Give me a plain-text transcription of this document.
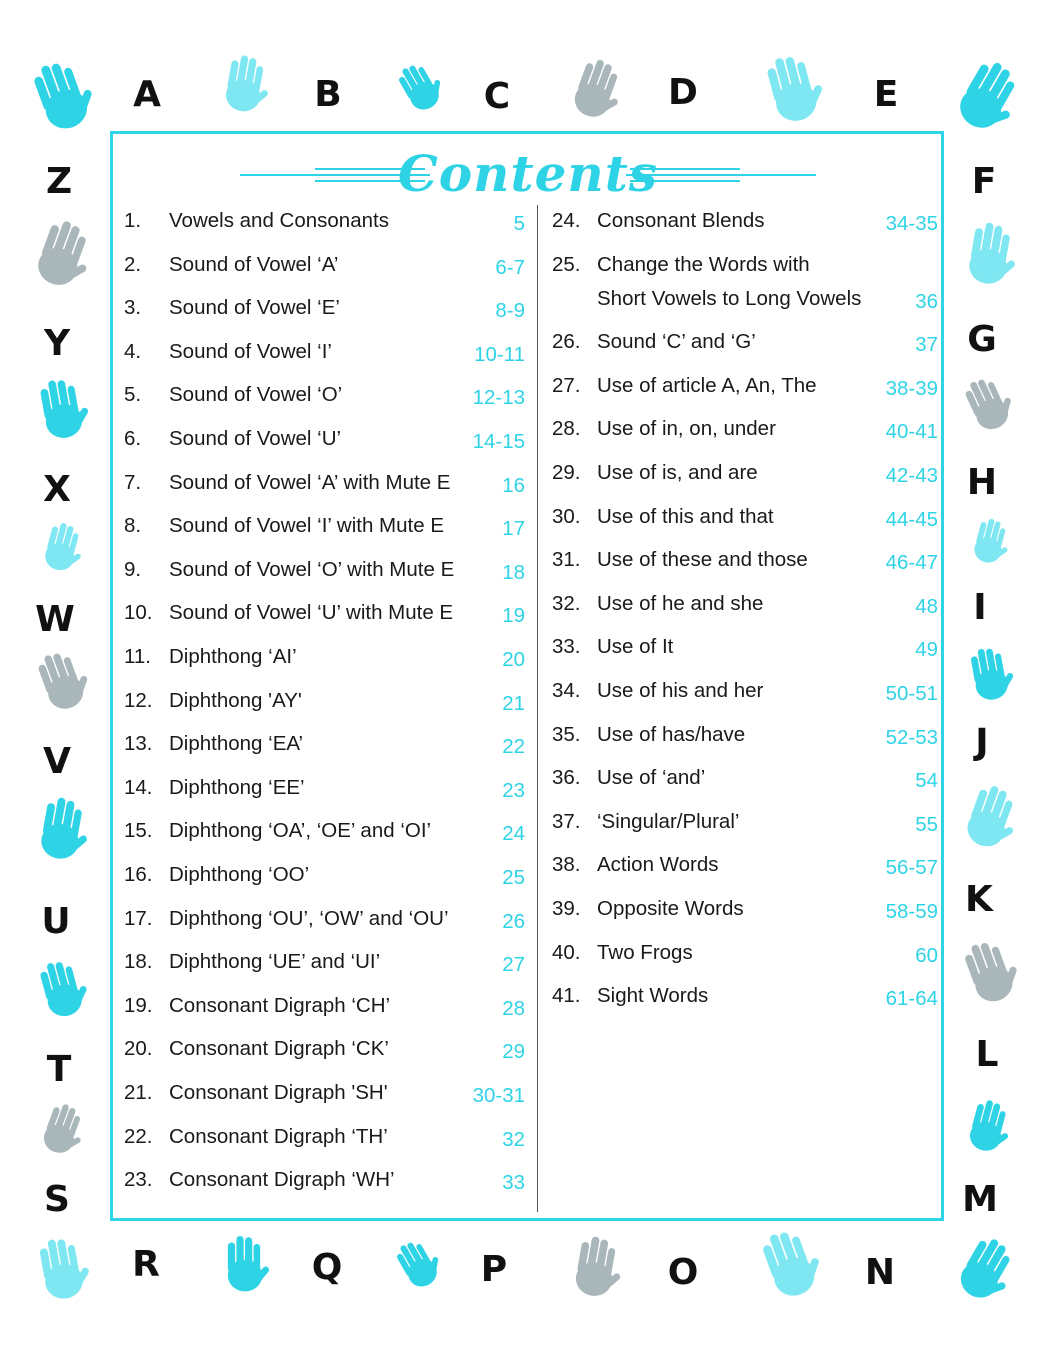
Contents
A	B	C	D	E
F
G
H
I
J
K
L
M
N
O
P
Q
R
S
T
U
V
W
X
Y
Z
1. Vowels and Consonants	5
2. Sound of Vowel ‘A’	6-7
3. Sound of Vowel ‘E’	8-9
4. Sound of Vowel ‘I’	10-11
5. Sound of Vowel ‘O’	12-13
6. Sound of Vowel ‘U’	14-15
7. Sound of Vowel ‘A’ with Mute E	16
8. Sound of Vowel ‘I’ with Mute E	17
9. Sound of Vowel ‘O’ with Mute E 18
10. Sound of Vowel ‘U’ with Mute E 19
11. Diphthong ‘AI’	20
12. Diphthong 'AY'	21
13. Diphthong ‘EA’	22
14. Diphthong ‘EE’	23
15. Diphthong ‘OA’, ‘OE’ and ‘OI’	24
16. Diphthong ‘OO’	25
17. Diphthong ‘OU’, ‘OW’ and ‘OU’	26
18. Diphthong ‘UE’ and ‘UI’	27
19. Consonant Digraph ‘CH’	28
20. Consonant Digraph ‘CK’	29
21. Consonant Digraph 'SH'	30-31
22. Consonant Digraph ‘TH’	32
23. Consonant Digraph ‘WH’	33
24. Consonant Blends	34-35
25. Change the Words with
Short Vowels to Long Vowels	36
26. Sound ‘C’ and ‘G’	37
27. Use of article A, An, The	38-39
28. Use of in, on, under	40-41
29. Use of is, and are	42-43
30. Use of this and that	44-45
31. Use of these and those	46-47
32. Use of he and she	48
33. Use of It	49
34. Use of his and her	50-51
35. Use of has/have	52-53
36. Use of ‘and’	54
37. ‘Singular/Plural’	55
38. Action Words	56-57
39. Opposite Words	58-59
40. Two Frogs	60
41. Sight Words	61-64
